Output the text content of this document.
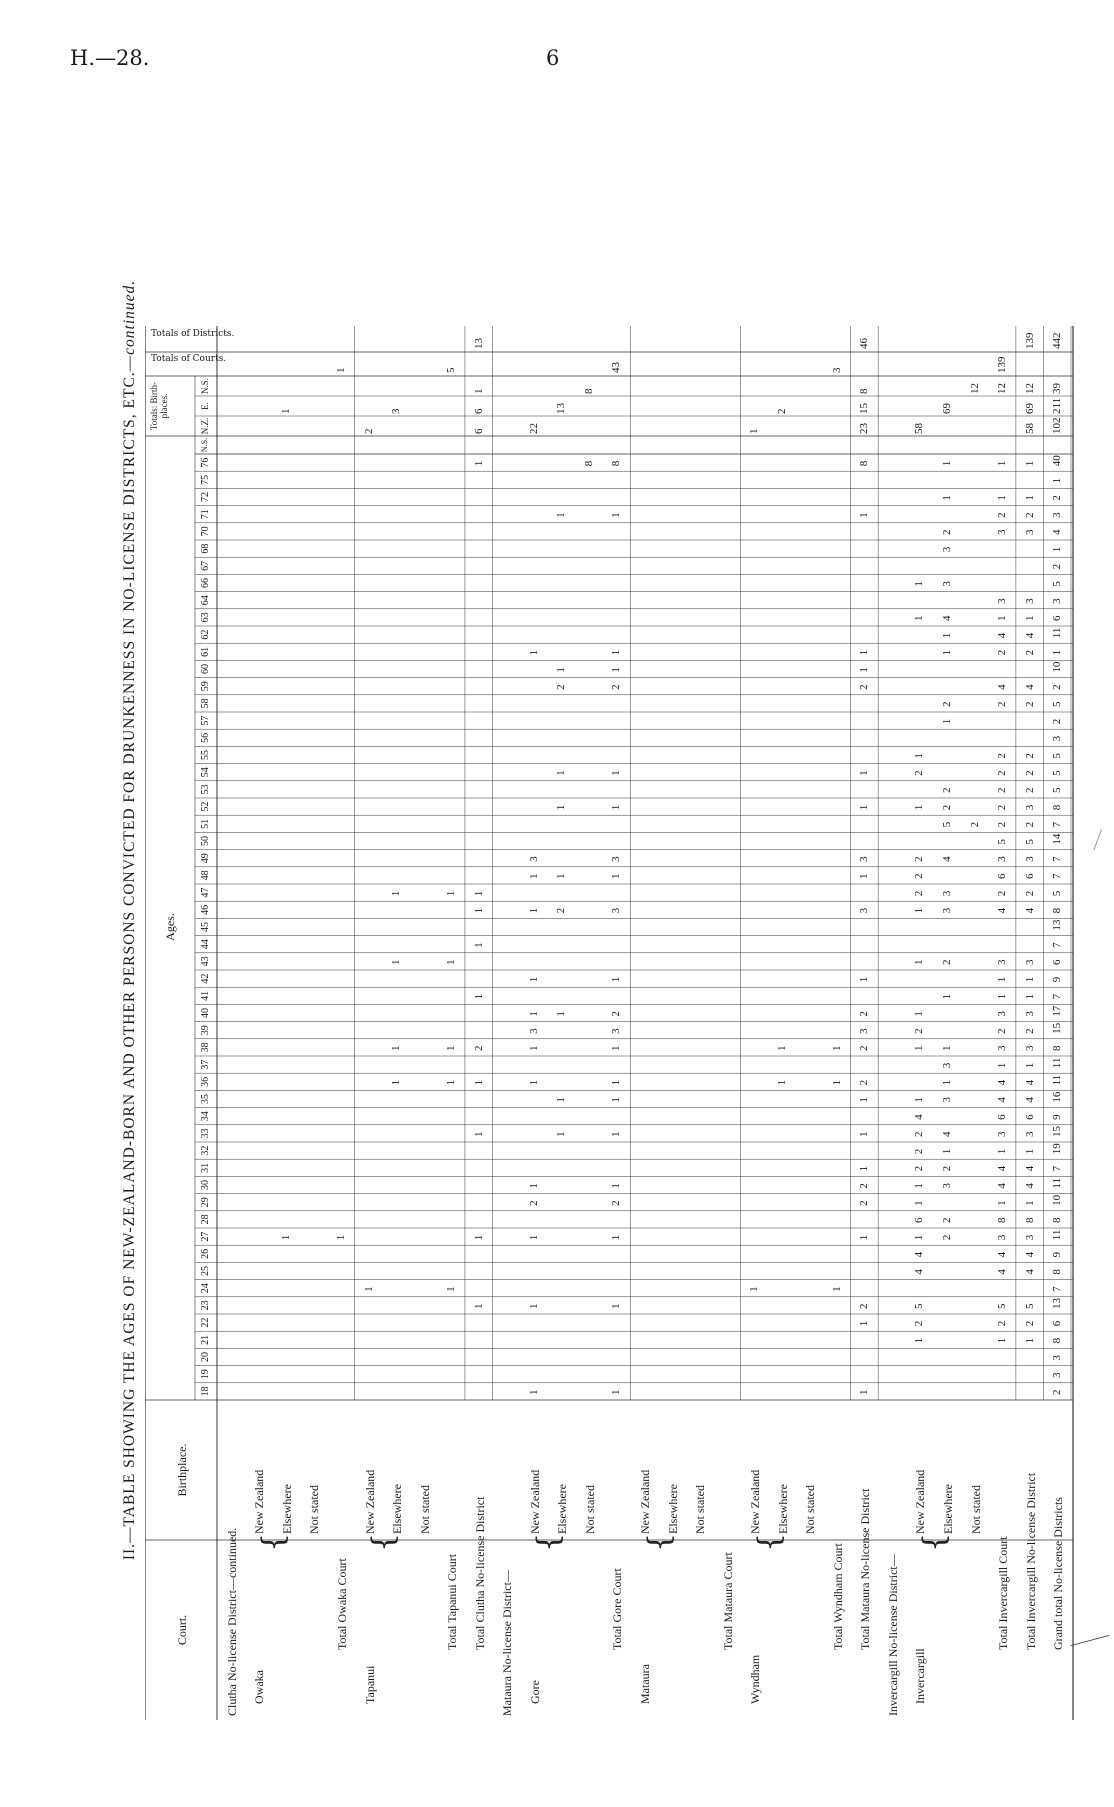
H.—28.	6
II.—TABLE SHOWING THE AGES OF NEW-ZEALAND-BORN AND OTHER PERSONS CONVICTED FOR DRUNKENNESS IN NO-LICENSE DISTRICTS, ETC.—continued.
Court.
Birthplace.
Ages.
18
19
20
21
22
23
24
25
26
27
28
29
30
31
32
33
34
35
36
37
38
39
40
41
42
43
44
45
46
47
48
49
50
51
52
53
54
55
56
57
58
59
60
61
62
63
64
66
67
68
70
71
72
75
76
N.S.
Totals: Birth-places.
N.Z.
E.
N.S.
Totals of Courts.
Totals of Districts.
Clutha No-license District—continued. Owaka
New Zealand Elsewhere
{
1
1
Not stated
Total Owaka Court
1
1
Tapanui
New Zealand
1
2
Elsewhere
{
1
1
1
1
3
Not stated
Total Tapanui Court
1
1
1
1
1
5
Total Clutha No-license District
1
1
1
1
2
1
1
1
1
1
6
6
1
13
Mataura No-license District— Gore
New Zealand
1
1
1
2
1
1
1
3
1
1
1
1
3
1
22
Elsewhere
{
1
1
1
2
1
1
1
2
1
1
13
Not stated
8
8
Total Gore Court
1
1
1
2
1
1
1
1
1
3
2
1
3
1
3
1
1
2
1
1
1
8
43
Mataura
New Zealand Elsewhere
{
Not stated
Total Mataura Court
Wyndham
New Zealand
1
1
Elsewhere
{
1
1
2
Not stated
Total Wyndham Court
1
1
1
3
Total Mataura No-license District
1
1
2
1
2
2
1
1
1
2
2
3
2
1
3
1
3
1
1
2
1
1
1
8
23
15
8
46
Invercargill No-license District— Invercargill
New Zealand
1
2
5
4
4
1
6
1
1
2
2
2
4
1
1
2
1
1
1
2
2
2
1
2
1
1
1
58
Elsewhere
{
2
2
3
2
1
4
3
1
3
1
1
2
3
3
4
5
2
2
1
2
1
1
4
3
3
2
1
1
69
Not stated
2
12
Total Invercargill Court
1
2
5
4
4
3
8
1
4
4
1
3
6
4
4
1
3
2
3
1
1
3
4
2
6
3
5
2
2
2
2
2
2
4
2
4
1
3
3
2
1
1
12
139
Total Invercargill No-license District
1
2
5
4
4
3
8
1
4
4
1
3
6
4
4
1
3
2
3
1
1
3
4
2
6
3
5
2
3
2
2
2
2
4
2
4
1
3
3
2
1
1
58
69
12
139
Grand total No-license Districts
2
3
3
8
6
13
7
8
9
11
8
10
11
7
19
15
9
16
11
11
8
15
17
7
9
6
7
13
8
5
7
7
14
7
8
5
5
5
3
2
5
2
10
1
11
6
3
5
2
1
4
3
2
1
40
102
211
39
442
